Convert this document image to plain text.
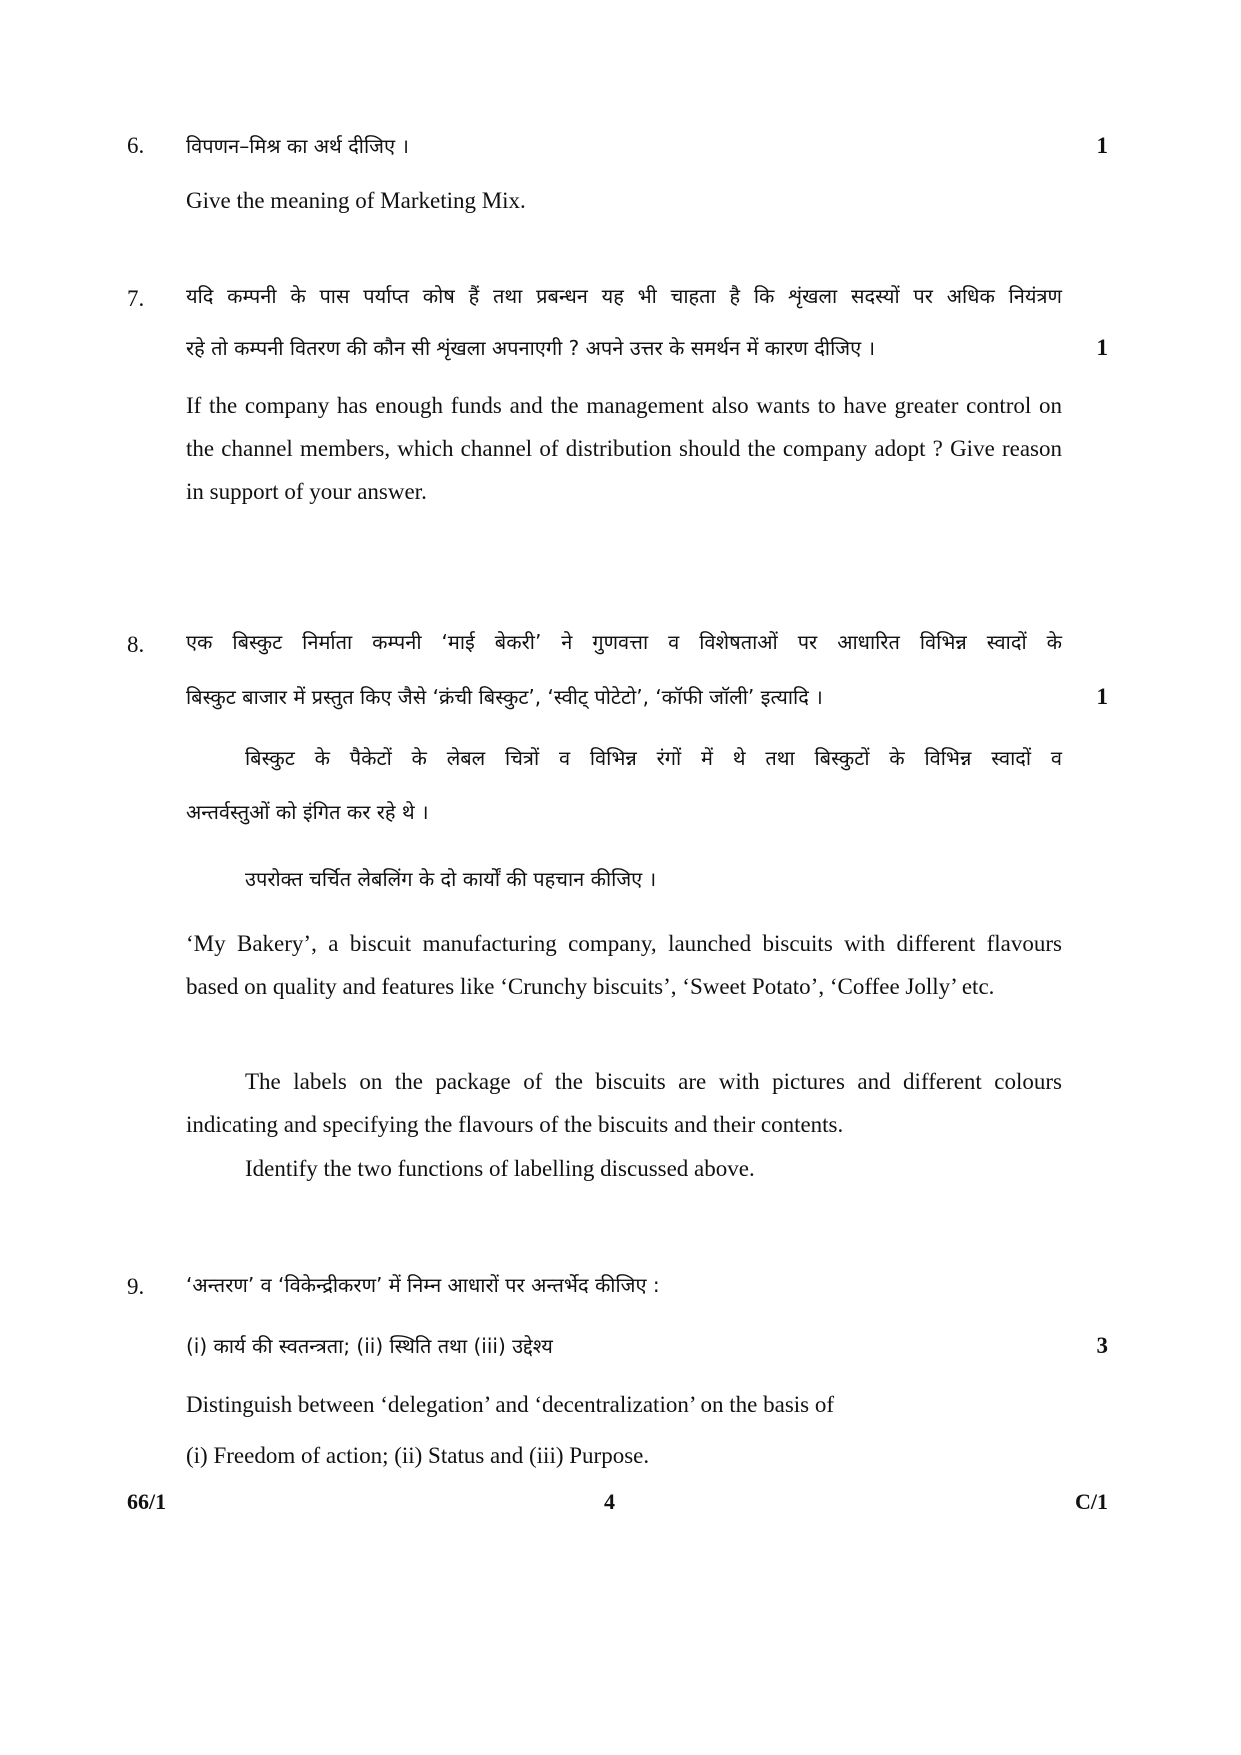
6. विपणन–मिश्र का अर्थ दीजिए ।	1
Give the meaning of Marketing Mix.
7. यदि कम्पनी के पास पर्याप्त कोष हैं तथा प्रबन्धन यह भी चाहता है कि शृंखला सदस्यों पर अधिक नियंत्रण
रहे तो कम्पनी वितरण की कौन सी शृंखला अपनाएगी ? अपने उत्तर के समर्थन में कारण दीजिए ।	1
If the company has enough funds and the management also wants to have greater control on the channel members, which channel of distribution should the company adopt ? Give reason in support of your answer.
8. एक बिस्कुट निर्माता कम्पनी ‘माई बेकरी’ ने गुणवत्ता व विशेषताओं पर आधारित विभिन्न स्वादों के
बिस्कुट बाजार में प्रस्तुत किए जैसे ‘क्रंची बिस्कुट’, ‘स्वीट् पोटेटो’, ‘कॉफी जॉली’ इत्यादि ।	1
बिस्कुट के पैकेटों के लेबल चित्रों व विभिन्न रंगों में थे तथा बिस्कुटों के विभिन्न स्वादों व
अन्तर्वस्तुओं को इंगित कर रहे थे ।
उपरोक्त चर्चित लेबलिंग के दो कार्यों की पहचान कीजिए ।
‘My Bakery’, a biscuit manufacturing company, launched biscuits with different flavours based on quality and features like ‘Crunchy biscuits’, ‘Sweet Potato’, ‘Coffee Jolly’ etc.
The labels on the package of the biscuits are with pictures and different colours indicating and specifying the flavours of the biscuits and their contents.
Identify the two functions of labelling discussed above.
9. ‘अन्तरण’ व ‘विकेन्द्रीकरण’ में निम्न आधारों पर अन्तर्भेद कीजिए :
(i) कार्य की स्वतन्त्रता; (ii) स्थिति तथा (iii) उद्देश्य	3
Distinguish between ‘delegation’ and ‘decentralization’ on the basis of
(i) Freedom of action; (ii) Status and (iii) Purpose.
66/1	4	C/1
